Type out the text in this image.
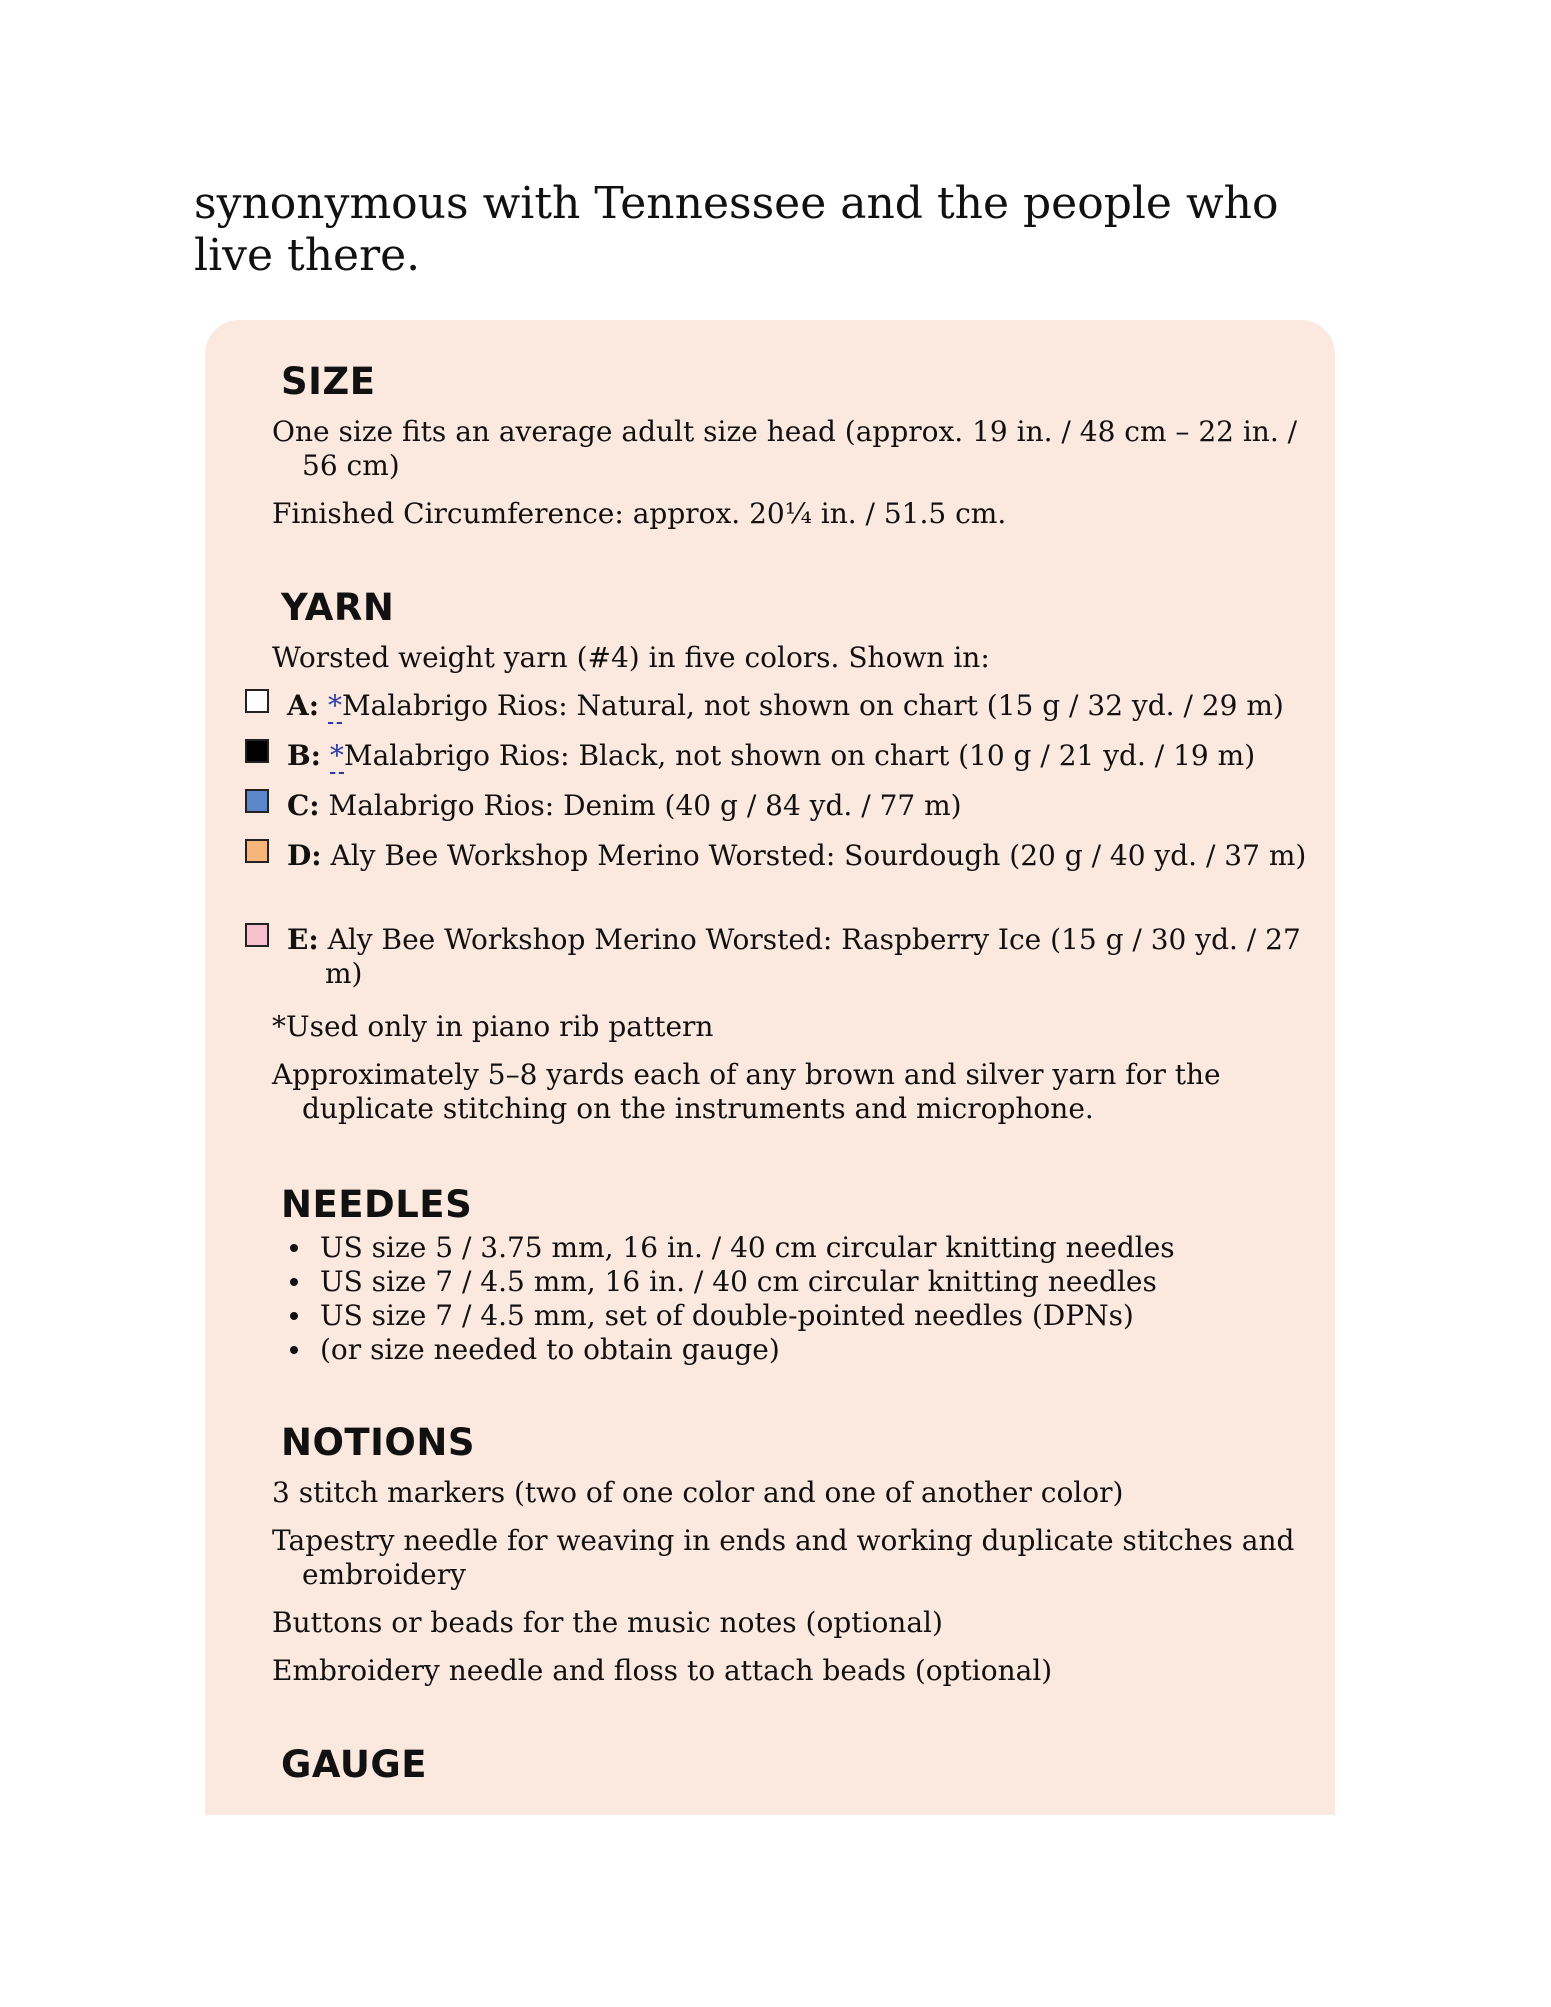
synonymous with Tennessee and the people who live there.

SIZE

One size fits an average adult size head (approx. 19 in. / 48 cm – 22 in. / 56 cm)

Finished Circumference: approx. 20¼ in. / 51.5 cm.

YARN

Worsted weight yarn (#4) in five colors. Shown in:

A: *Malabrigo Rios: Natural, not shown on chart (15 g / 32 yd. / 29 m)

B: *Malabrigo Rios: Black, not shown on chart (10 g / 21 yd. / 19 m)

C: Malabrigo Rios: Denim (40 g / 84 yd. / 77 m)

D: Aly Bee Workshop Merino Worsted: Sourdough (20 g / 40 yd. / 37 m)

E: Aly Bee Workshop Merino Worsted: Raspberry Ice (15 g / 30 yd. / 27 m)

*Used only in piano rib pattern

Approximately 5–8 yards each of any brown and silver yarn for the duplicate stitching on the instruments and microphone.

NEEDLES

US size 5 / 3.75 mm, 16 in. / 40 cm circular knitting needles

US size 7 / 4.5 mm, 16 in. / 40 cm circular knitting needles

US size 7 / 4.5 mm, set of double-pointed needles (DPNs)

(or size needed to obtain gauge)

NOTIONS

3 stitch markers (two of one color and one of another color)

Tapestry needle for weaving in ends and working duplicate stitches and embroidery

Buttons or beads for the music notes (optional)

Embroidery needle and floss to attach beads (optional)

GAUGE
